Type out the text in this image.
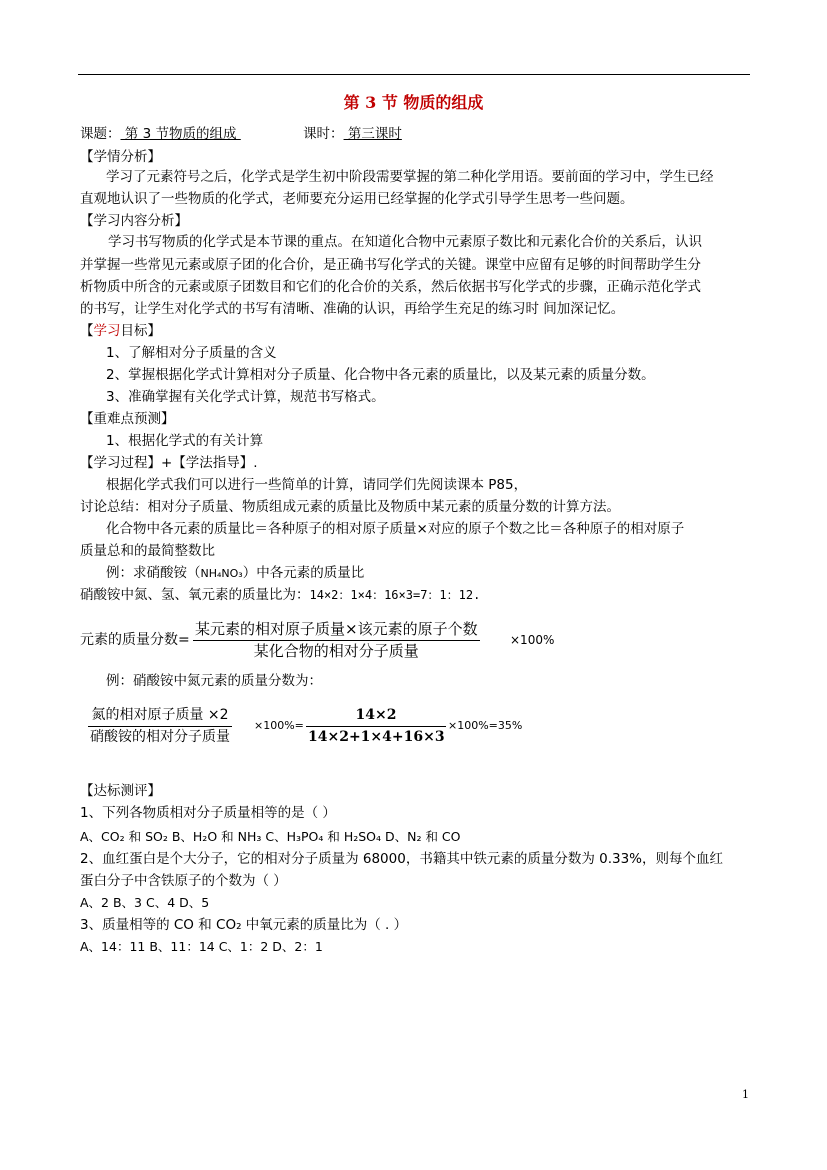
第 3 节 物质的组成
课题： 第 3 节物质的组成	课时： 第三课时
【学情分析】
学习了元素符号之后，化学式是学生初中阶段需要掌握的第二种化学用语。要前面的学习中，学生已经
直观地认识了一些物质的化学式，老师要充分运用已经掌握的化学式引导学生思考一些问题。
【学习内容分析】
学习书写物质的化学式是本节课的重点。在知道化合物中元素原子数比和元素化合价的关系后，认识
并掌握一些常见元素或原子团的化合价，是正确书写化学式的关键。课堂中应留有足够的时间帮助学生分
析物质中所含的元素或原子团数目和它们的化合价的关系，然后依据书写化学式的步骤，正确示范化学式
的书写，让学生对化学式的书写有清晰、准确的认识，再给学生充足的练习时 间加深记忆。
【学习目标】
1、了解相对分子质量的含义
2、掌握根据化学式计算相对分子质量、化合物中各元素的质量比，以及某元素的质量分数。
3、准确掌握有关化学式计算，规范书写格式。
【重难点预测】
1、根据化学式的有关计算
【学习过程】+【学法指导】.
根据化学式我们可以进行一些简单的计算，请同学们先阅读课本 P85，
讨论总结：相对分子质量、物质组成元素的质量比及物质中某元素的质量分数的计算方法。
化合物中各元素的质量比＝各种原子的相对原子质量×对应的原子个数之比＝各种原子的相对原子
质量总和的最简整数比
例：求硝酸铵（NH₄NO₃）中各元素的质量比
硝酸铵中氮、氢、氧元素的质量比为：14×2：1×4：16×3=7：1：12.
元素的质量分数=
某元素的相对原子质量×该元素的原子个数
某化合物的相对分子质量
×100%
例：硝酸铵中氮元素的质量分数为：
氮的相对原子质量 ×2
硝酸铵的相对分子质量
$\times 100\%= \frac{14\times 2}{14\times 2+1\times 4+16\times 3} \times 100\%=35\%$
【达标测评】
1、下列各物质相对分子质量相等的是（ ）
A、CO₂ 和 SO₂ B、H₂O 和 NH₃ C、H₃PO₄ 和 H₂SO₄ D、N₂ 和 CO
2、血红蛋白是个大分子，它的相对分子质量为 68000，书籍其中铁元素的质量分数为 0.33%，则每个血红
蛋白分子中含铁原子的个数为（ ）
A、2 B、3 C、4 D、5
3、质量相等的 CO 和 CO₂ 中氧元素的质量比为（ . ）
A、14：11 B、11：14 C、1：2 D、2：1
1
